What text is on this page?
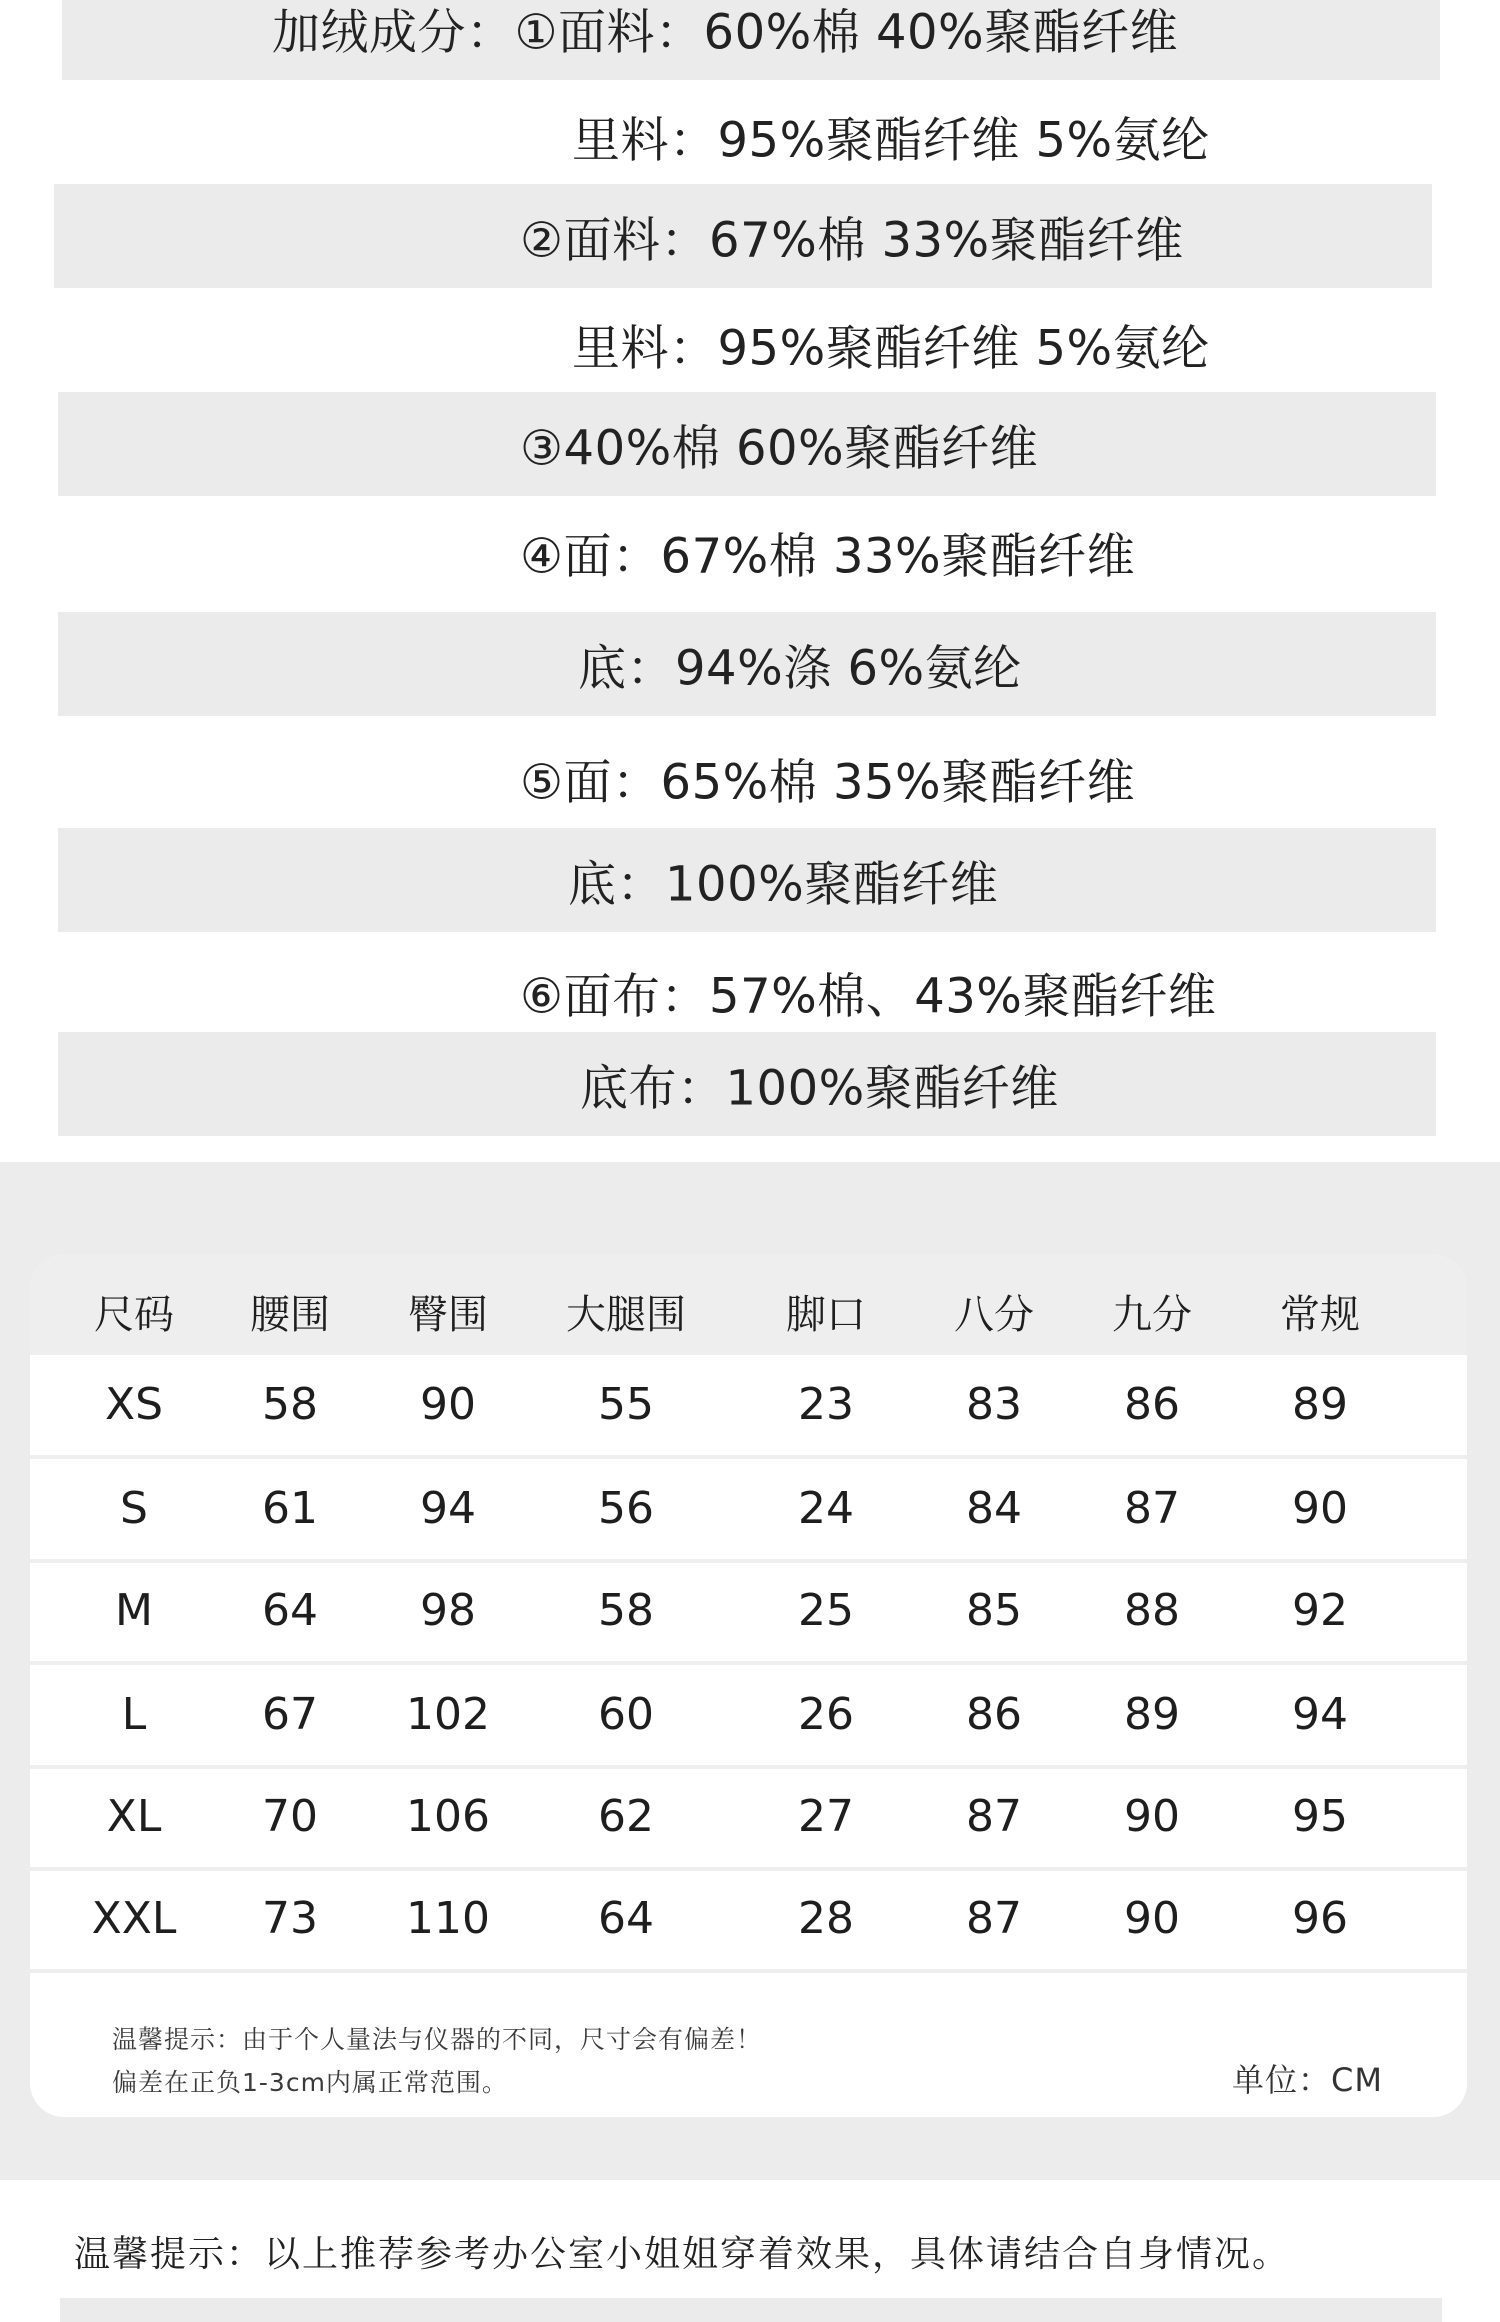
加绒成分：①面料：60%棉 40%聚酯纤维
里料：95%聚酯纤维 5%氨纶
②面料：67%棉 33%聚酯纤维
里料：95%聚酯纤维 5%氨纶
③40%棉 60%聚酯纤维
④面：67%棉 33%聚酯纤维
底：94%涤 6%氨纶
⑤面：65%棉 35%聚酯纤维
底：100%聚酯纤维
⑥面布：57%棉、43%聚酯纤维
底布：100%聚酯纤维
尺码 腰围 臀围 大腿围	脚口 八分 九分 常规
XS 58 90	55	23	83 86	89
S	61 94	56	24	84 87	90
M 64 98	58	25	85 88	92
L	67 102 60	26	86 89	94
XL 70 106 62	27	87 90	95
XXL 73 110 64	28	87 90	96
温馨提示：由于个人量法与仪器的不同，尺寸会有偏差！
偏差在正负1-3cm内属正常范围。	单位：CM
温馨提示：以上推荐参考办公室小姐姐穿着效果，具体请结合自身情况。
